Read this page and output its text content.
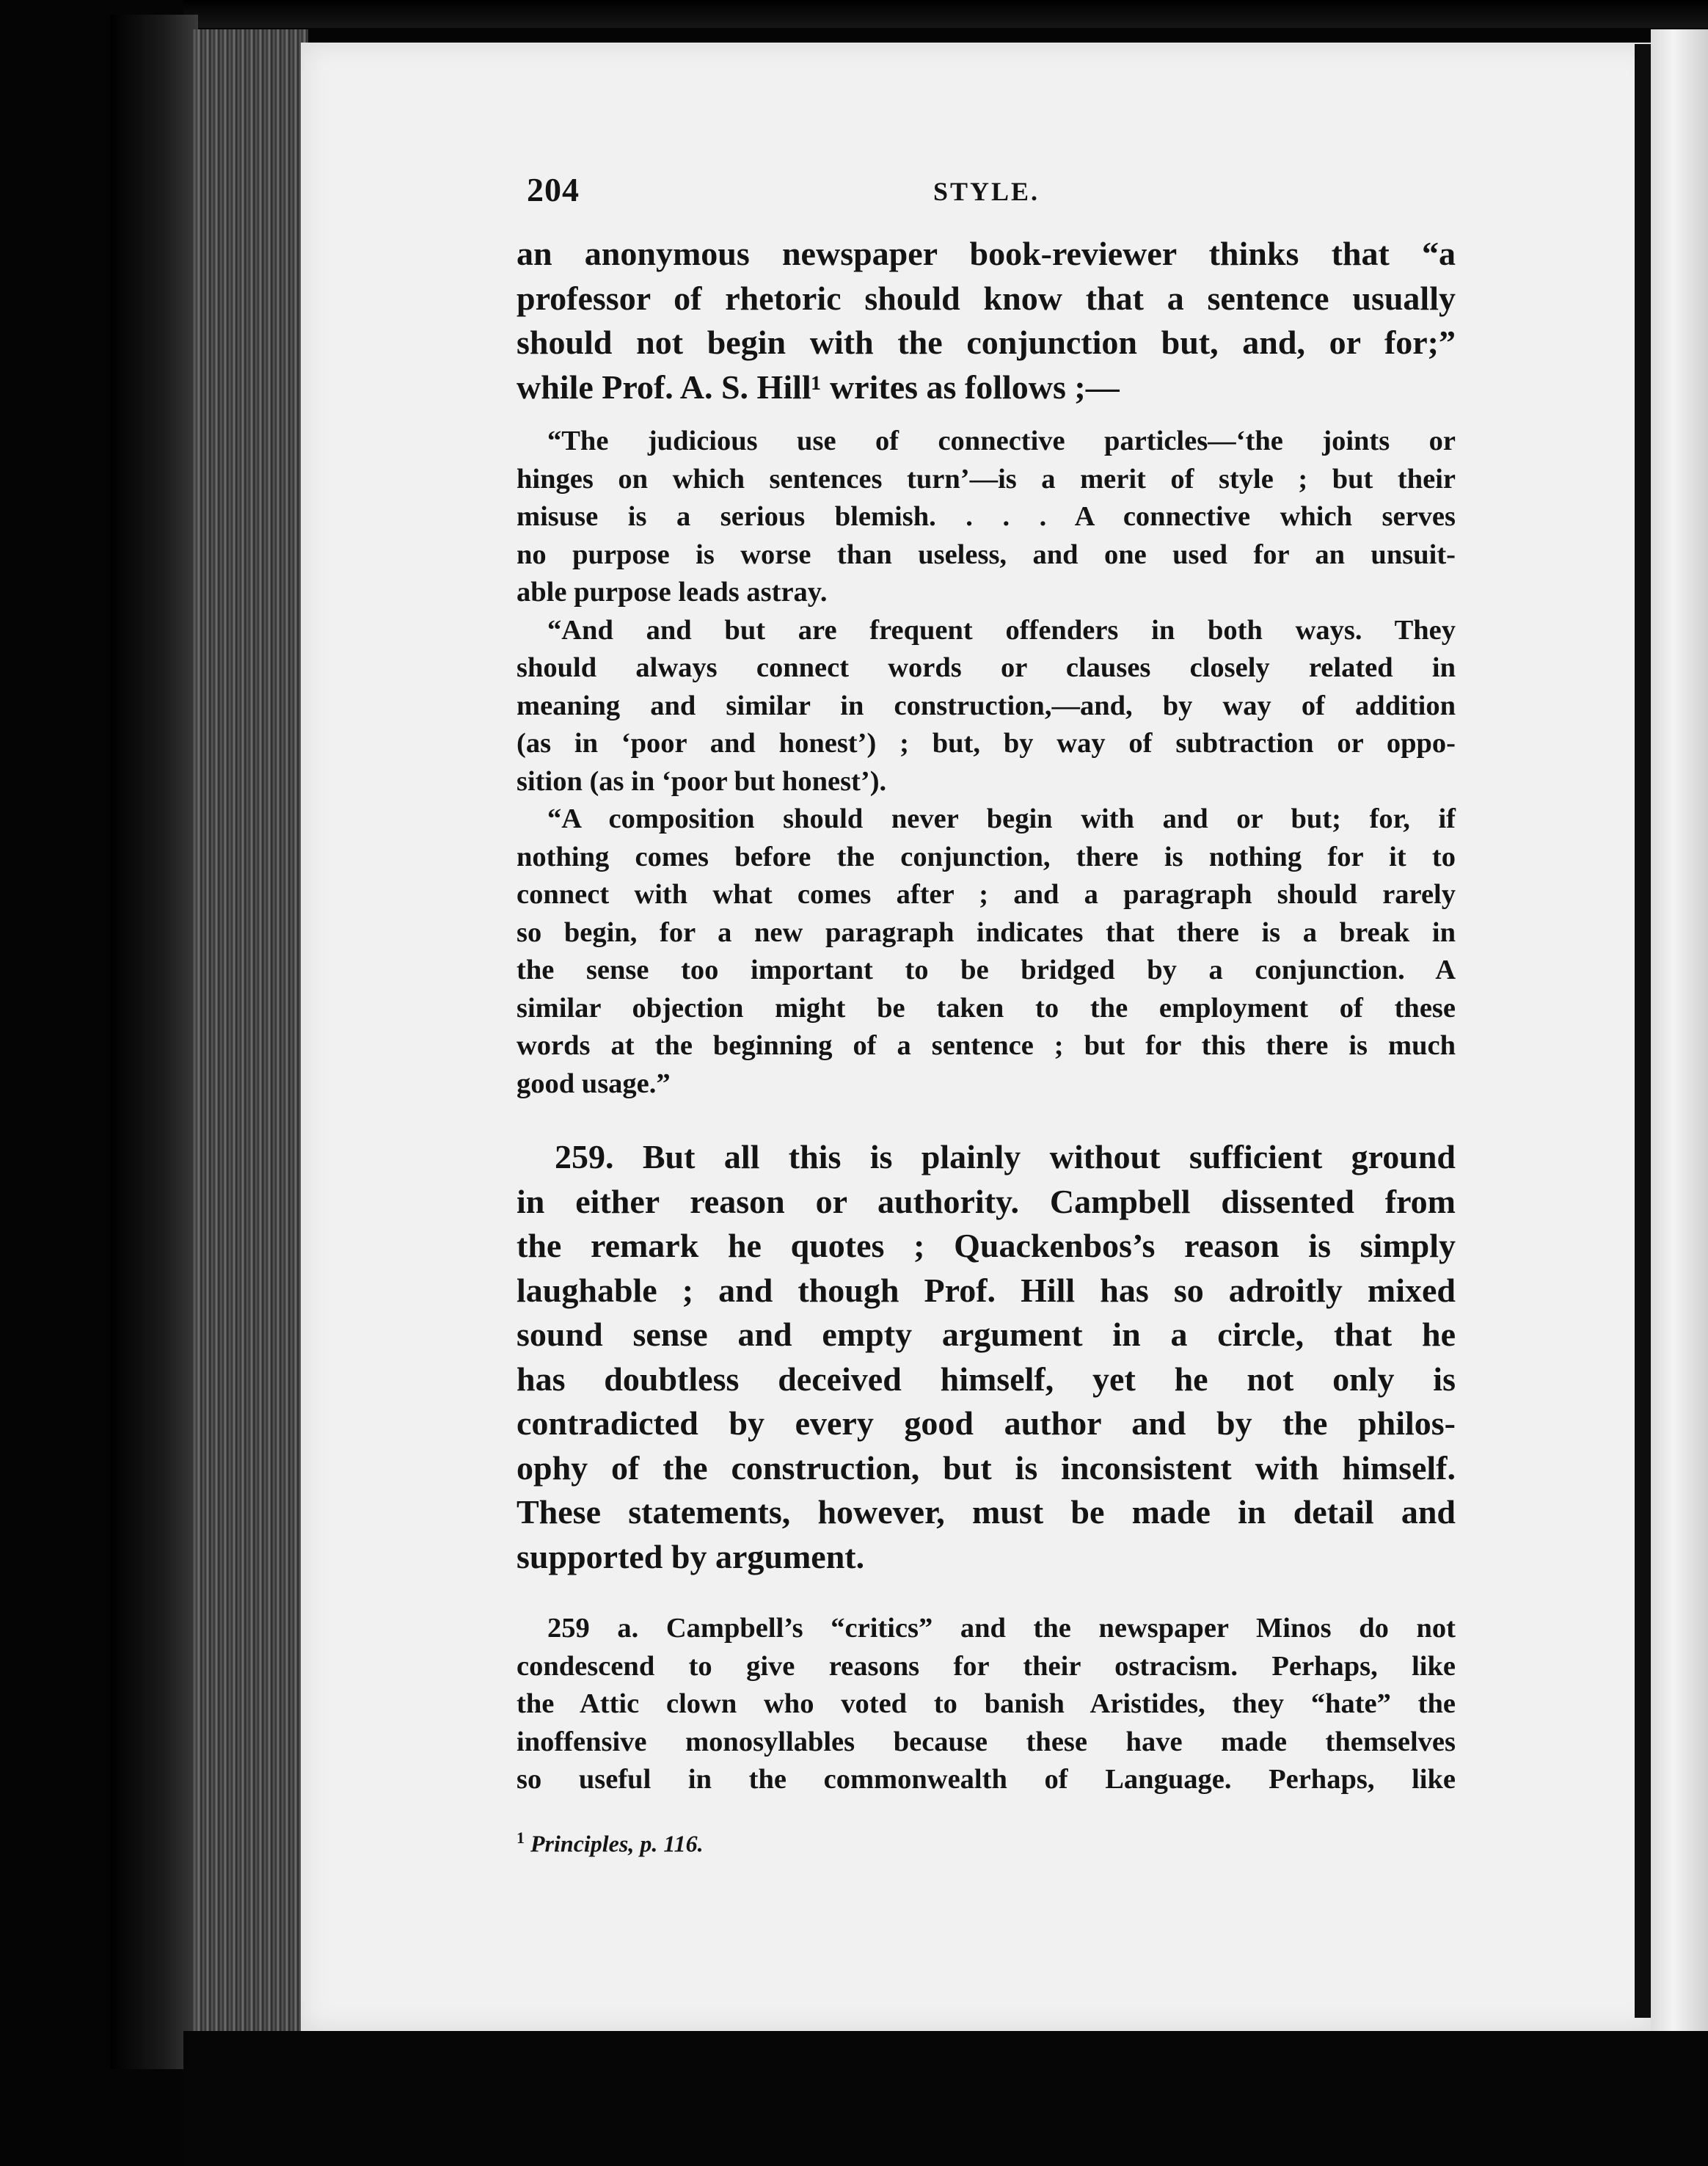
204	STYLE.
an anonymous newspaper book-reviewer thinks that “a
professor of rhetoric should know that a sentence usually
should not begin with the conjunction but, and, or for;”
while Prof. A. S. Hill¹ writes as follows ;—
“The judicious use of connective particles—‘the joints or
hinges on which sentences turn’—is a merit of style ; but their
misuse is a serious blemish. . . . A connective which serves
no purpose is worse than useless, and one used for an unsuit-
able purpose leads astray.
“And and but are frequent offenders in both ways. They
should always connect words or clauses closely related in
meaning and similar in construction,—and, by way of addition
(as in ‘poor and honest’) ; but, by way of subtraction or oppo-
sition (as in ‘poor but honest’).
“A composition should never begin with and or but; for, if
nothing comes before the conjunction, there is nothing for it to
connect with what comes after ; and a paragraph should rarely
so begin, for a new paragraph indicates that there is a break in
the sense too important to be bridged by a conjunction. A
similar objection might be taken to the employment of these
words at the beginning of a sentence ; but for this there is much
good usage.”
259. But all this is plainly without sufficient ground
in either reason or authority. Campbell dissented from
the remark he quotes ; Quackenbos’s reason is simply
laughable ; and though Prof. Hill has so adroitly mixed
sound sense and empty argument in a circle, that he
has doubtless deceived himself, yet he not only is
contradicted by every good author and by the philos-
ophy of the construction, but is inconsistent with himself.
These statements, however, must be made in detail and
supported by argument.
259 a. Campbell’s “critics” and the newspaper Minos do not
condescend to give reasons for their ostracism. Perhaps, like
the Attic clown who voted to banish Aristides, they “hate” the
inoffensive monosyllables because these have made themselves
so useful in the commonwealth of Language. Perhaps, like
$^1$ Principles, p. 116.
